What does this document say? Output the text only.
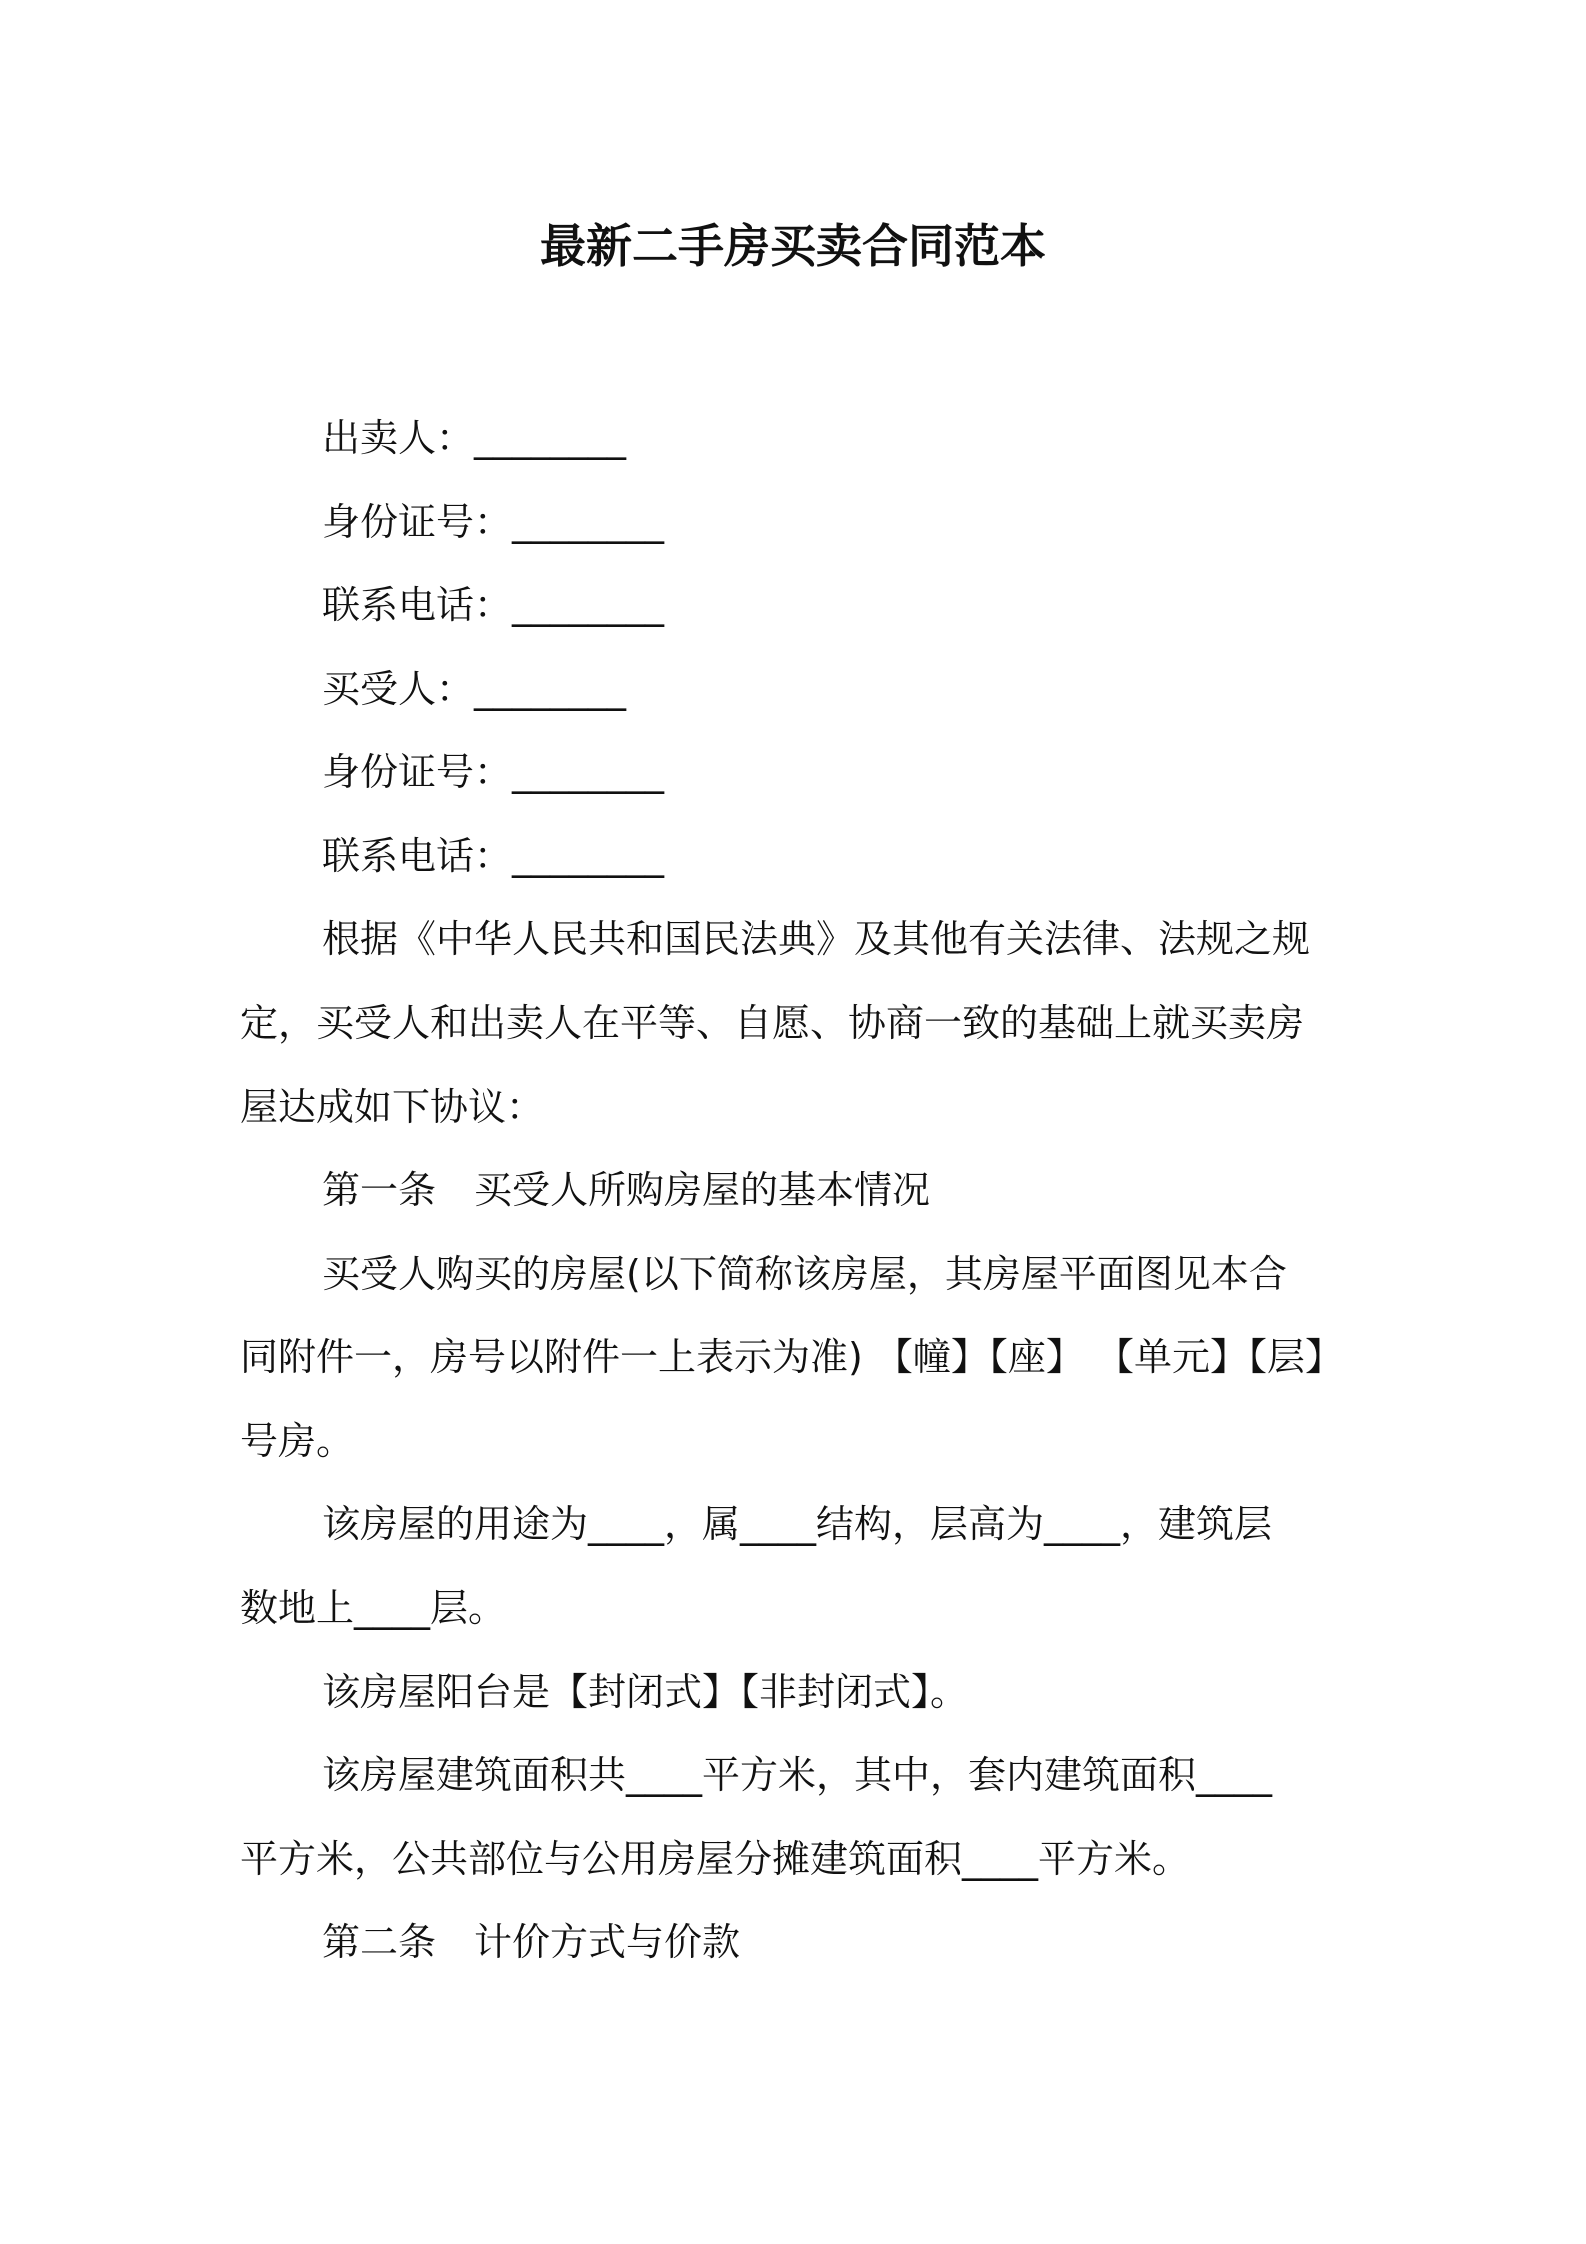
最新二手房买卖合同范本
出卖人：________
身份证号：________
联系电话：________
买受人：________
身份证号：________
联系电话：________
根据《中华人民共和国民法典》及其他有关法律、法规之规
定，买受人和出卖人在平等、自愿、协商一致的基础上就买卖房
屋达成如下协议：
第一条　买受人所购房屋的基本情况
买受人购买的房屋(以下简称该房屋，其房屋平面图见本合
同附件一，房号以附件一上表示为准) 【幢】【座】 【单元】【层】
号房。
该房屋的用途为____，属____结构，层高为____，建筑层
数地上____层。
该房屋阳台是【封闭式】【非封闭式】。
该房屋建筑面积共____平方米，其中，套内建筑面积____
平方米，公共部位与公用房屋分摊建筑面积____平方米。
第二条　计价方式与价款
